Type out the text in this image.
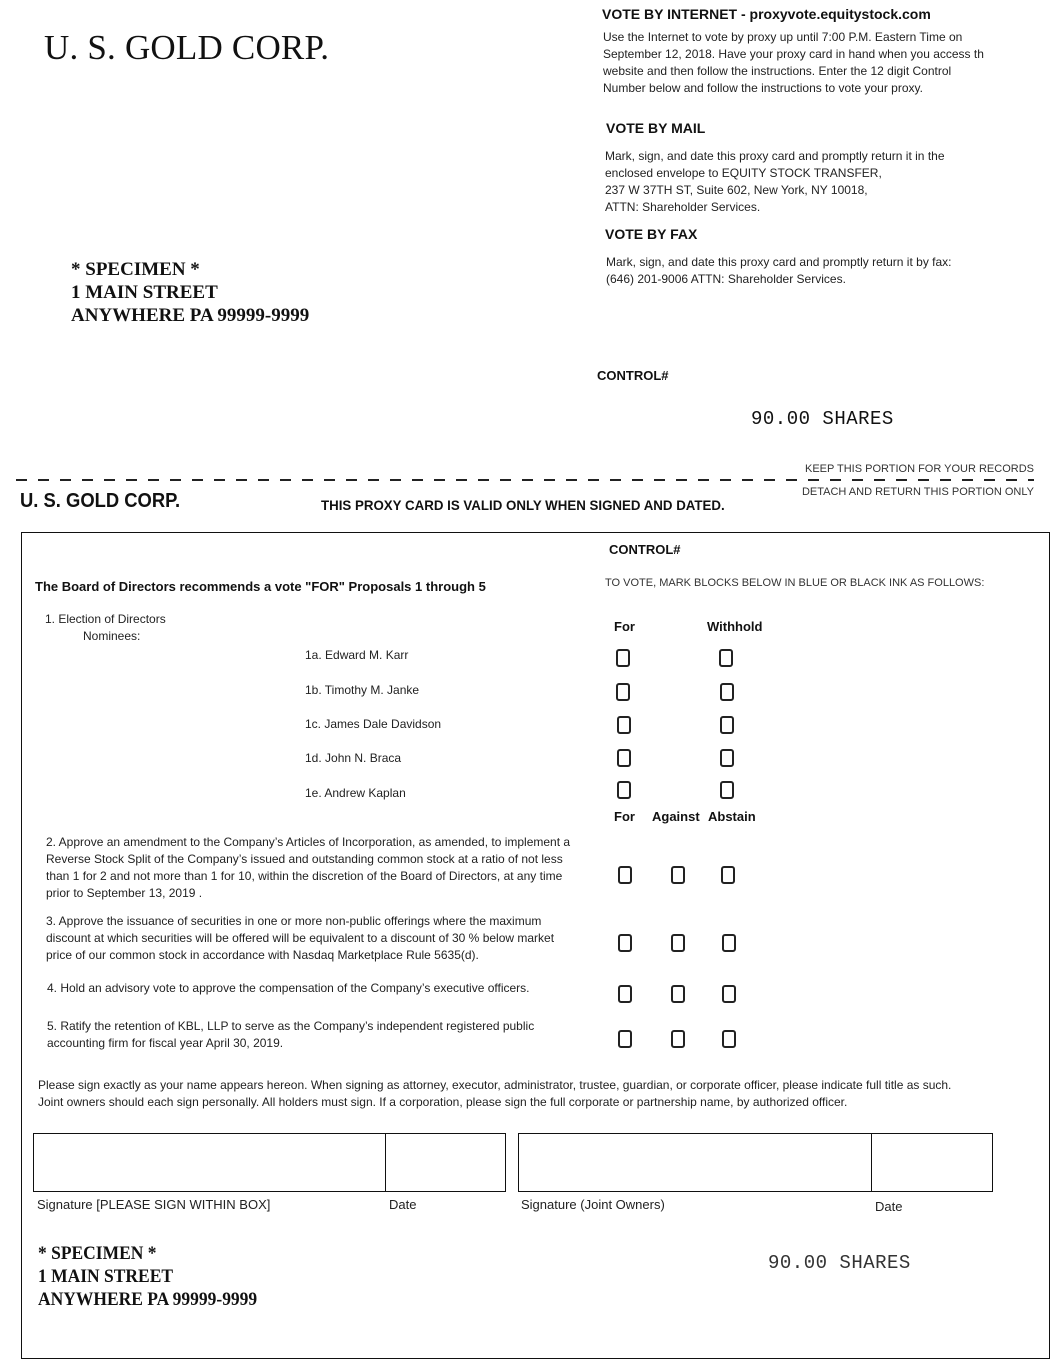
U. S. GOLD CORP.
* SPECIMEN *
1 MAIN STREET
ANYWHERE PA 99999-9999
VOTE BY INTERNET - proxyvote.equitystock.com
Use the Internet to vote by proxy up until 7:00 P.M. Eastern Time on
September 12, 2018. Have your proxy card in hand when you access th
website and then follow the instructions. Enter the 12 digit Control
Number below and follow the instructions to vote your proxy.
VOTE BY MAIL
Mark, sign, and date this proxy card and promptly return it in the
enclosed envelope to EQUITY STOCK TRANSFER,
237 W 37TH ST, Suite 602, New York, NY 10018,
ATTN: Shareholder Services.
VOTE BY FAX
Mark, sign, and date this proxy card and promptly return it by fax:
(646) 201-9006 ATTN: Shareholder Services.
CONTROL#
90.00 SHARES
KEEP THIS PORTION FOR YOUR RECORDS
DETACH AND RETURN THIS PORTION ONLY
U. S. GOLD CORP.	THIS PROXY CARD IS VALID ONLY WHEN SIGNED AND DATED.
CONTROL#
The Board of Directors recommends a vote "FOR" Proposals 1 through 5	TO VOTE, MARK BLOCKS BELOW IN BLUE OR BLACK INK AS FOLLOWS:
1. Election of Directors
Nominees:
For	Withhold
1a. Edward M. Karr
1b. Timothy M. Janke
1c. James Dale Davidson
1d. John N. Braca
1e. Andrew Kaplan
For Against Abstain
2. Approve an amendment to the Company’s Articles of Incorporation, as amended, to implement a
Reverse Stock Split of the Company’s issued and outstanding common stock at a ratio of not less
than 1 for 2 and not more than 1 for 10, within the discretion of the Board of Directors, at any time
prior to September 13, 2019 .
3. Approve the issuance of securities in one or more non-public offerings where the maximum
discount at which securities will be offered will be equivalent to a discount of 30 % below market
price of our common stock in accordance with Nasdaq Marketplace Rule 5635(d).
4. Hold an advisory vote to approve the compensation of the Company’s executive officers.
5. Ratify the retention of KBL, LLP to serve as the Company’s independent registered public
accounting firm for fiscal year April 30, 2019.
Please sign exactly as your name appears hereon. When signing as attorney, executor, administrator, trustee, guardian, or corporate officer, please indicate full title as such.
Joint owners should each sign personally. All holders must sign. If a corporation, please sign the full corporate or partnership name, by authorized officer.
Signature [PLEASE SIGN WITHIN BOX]	Date	Signature (Joint Owners)	Date
* SPECIMEN *
1 MAIN STREET
ANYWHERE PA 99999-9999
90.00 SHARES
